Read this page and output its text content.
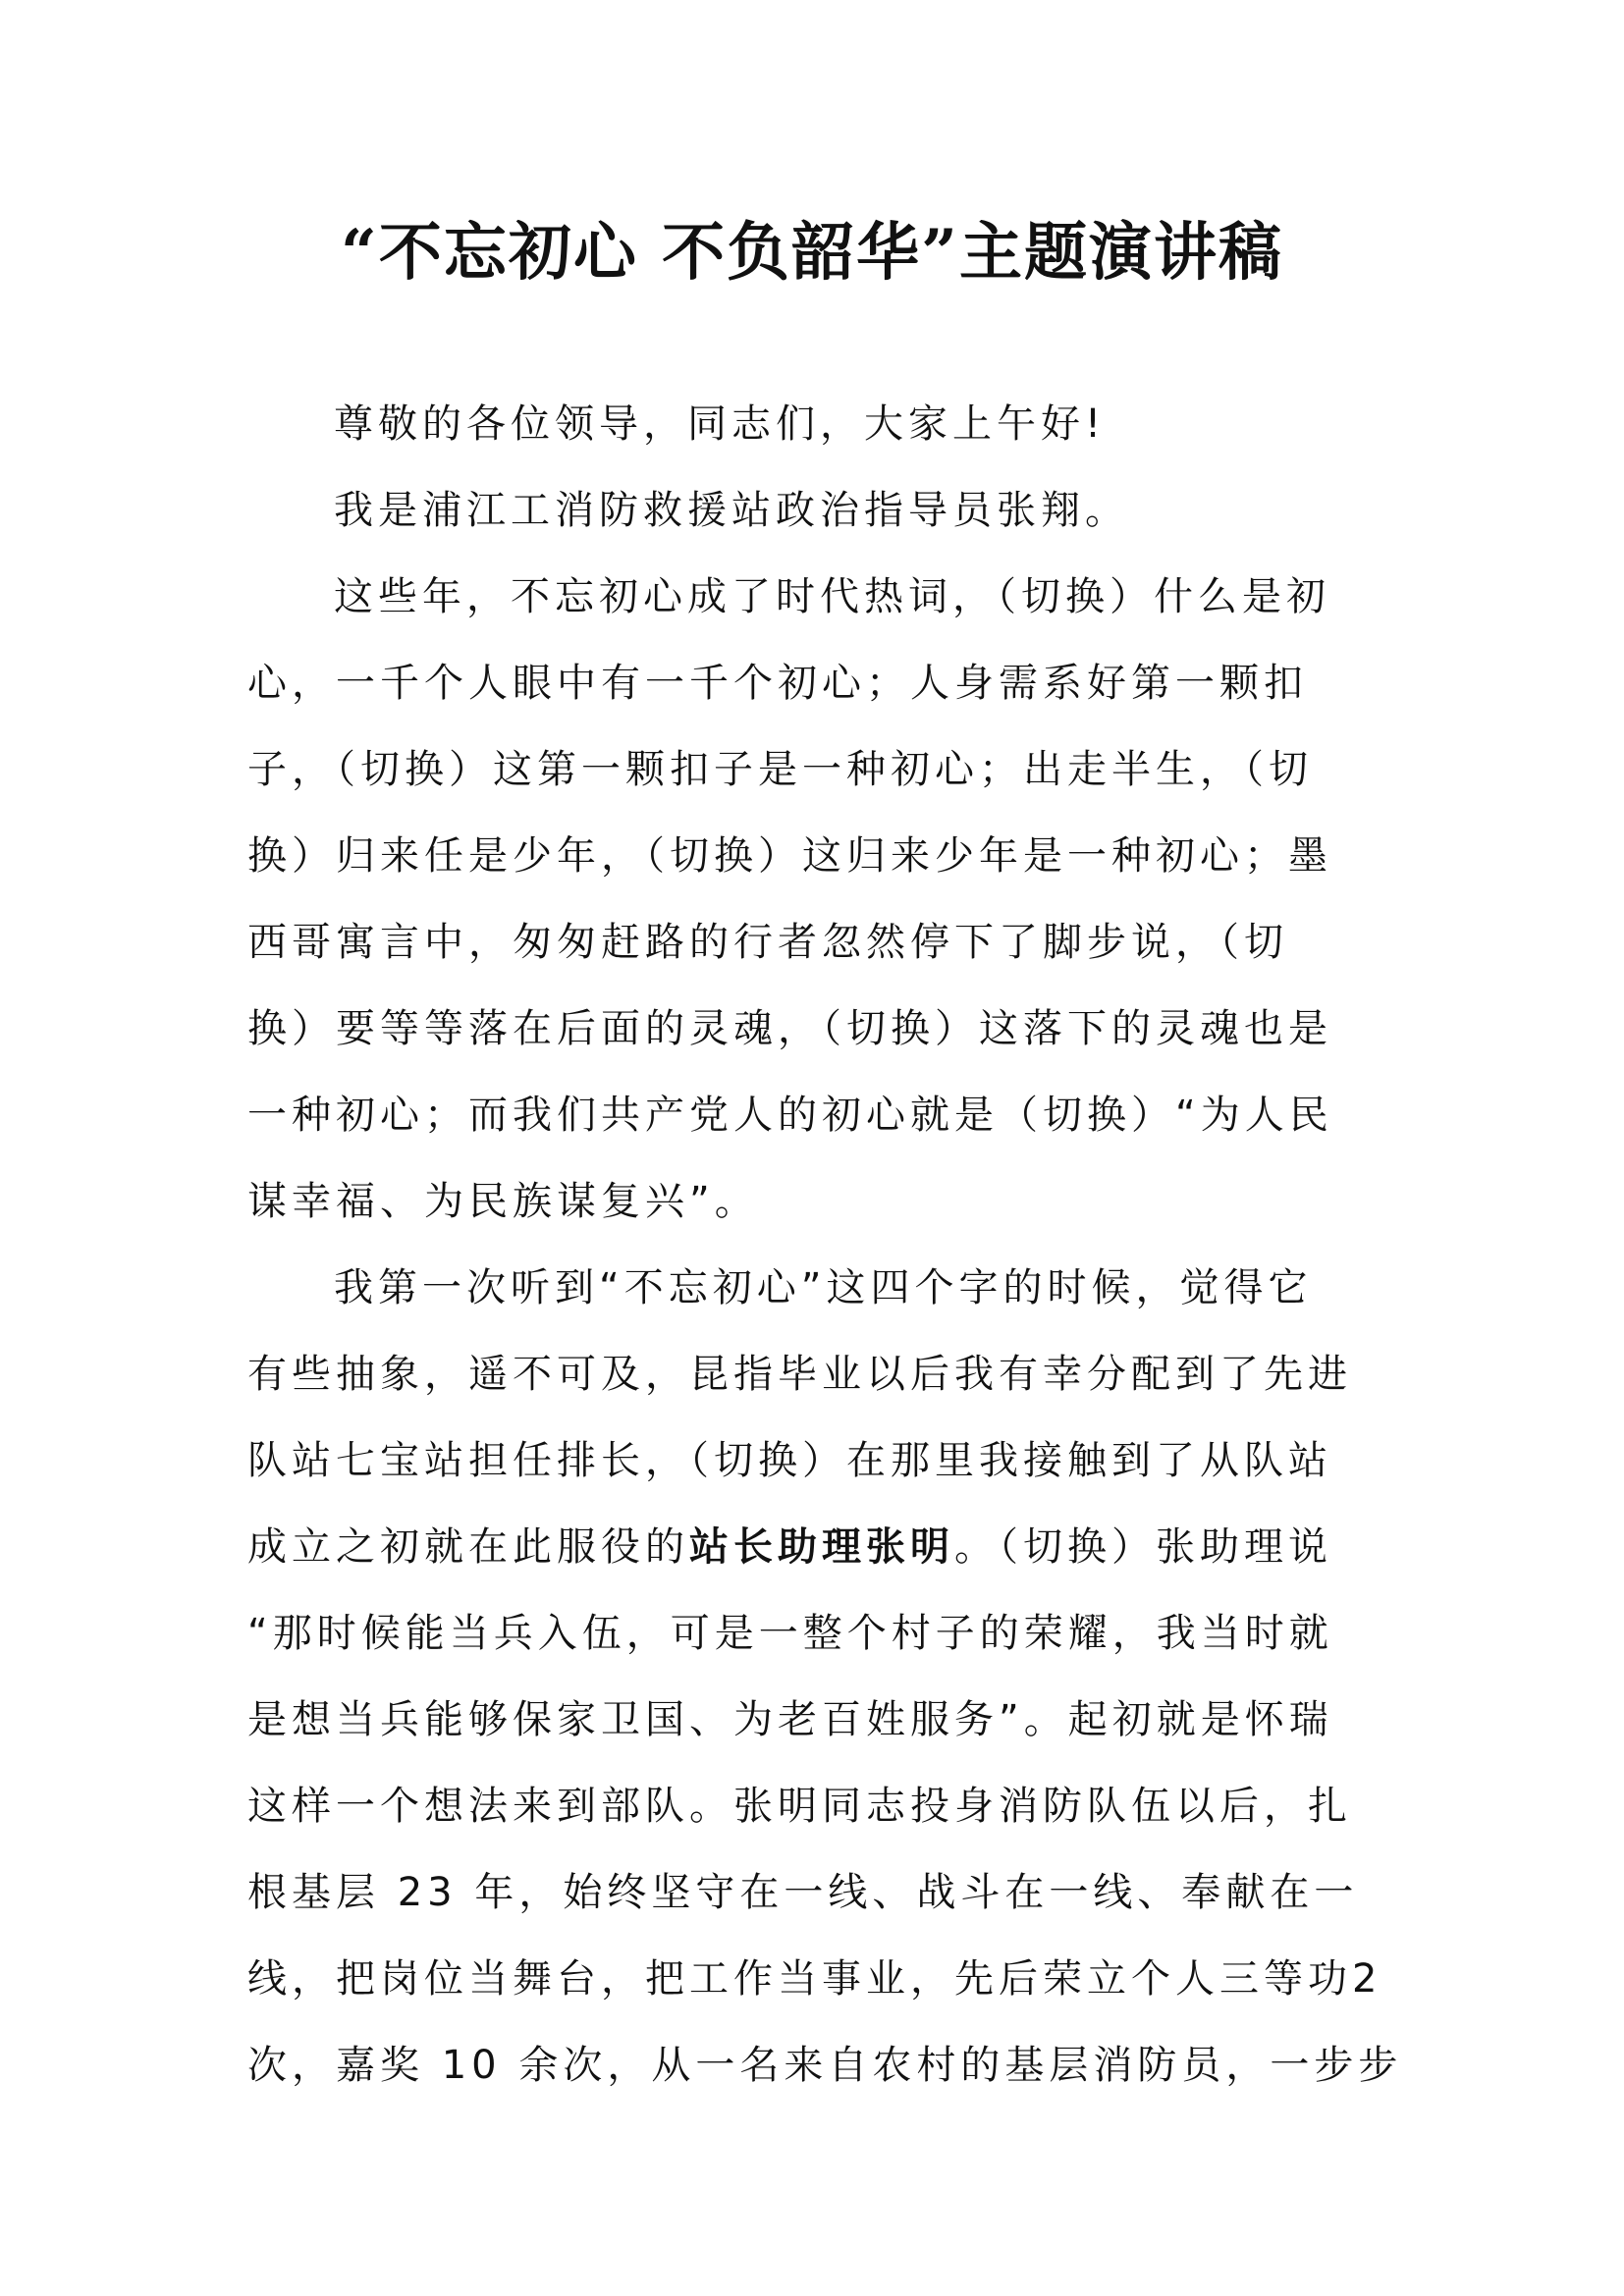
“不忘初心 不负韶华”主题演讲稿
尊敬的各位领导，同志们，大家上午好!
我是浦江工消防救援站政治指导员张翔。
这些年，不忘初心成了时代热词，（切换）什么是初
心，一千个人眼中有一千个初心；人身需系好第一颗扣
子，（切换）这第一颗扣子是一种初心；出走半生，（切
换）归来任是少年，（切换）这归来少年是一种初心；墨
西哥寓言中，匆匆赶路的行者忽然停下了脚步说，（切
换）要等等落在后面的灵魂，（切换）这落下的灵魂也是
一种初心；而我们共产党人的初心就是（切换）“为人民
谋幸福、为民族谋复兴”。
我第一次听到“不忘初心”这四个字的时候，觉得它
有些抽象，遥不可及，昆指毕业以后我有幸分配到了先进
队站七宝站担任排长，（切换）在那里我接触到了从队站
成立之初就在此服役的站长助理张明。（切换）张助理说
“那时候能当兵入伍，可是一整个村子的荣耀，我当时就
是想当兵能够保家卫国、为老百姓服务”。起初就是怀瑞
这样一个想法来到部队。张明同志投身消防队伍以后，扎
根基层 23 年，始终坚守在一线、战斗在一线、奉献在一
线，把岗位当舞台，把工作当事业，先后荣立个人三等功2
次，嘉奖 10 余次，从一名来自农村的基层消防员，一步步
